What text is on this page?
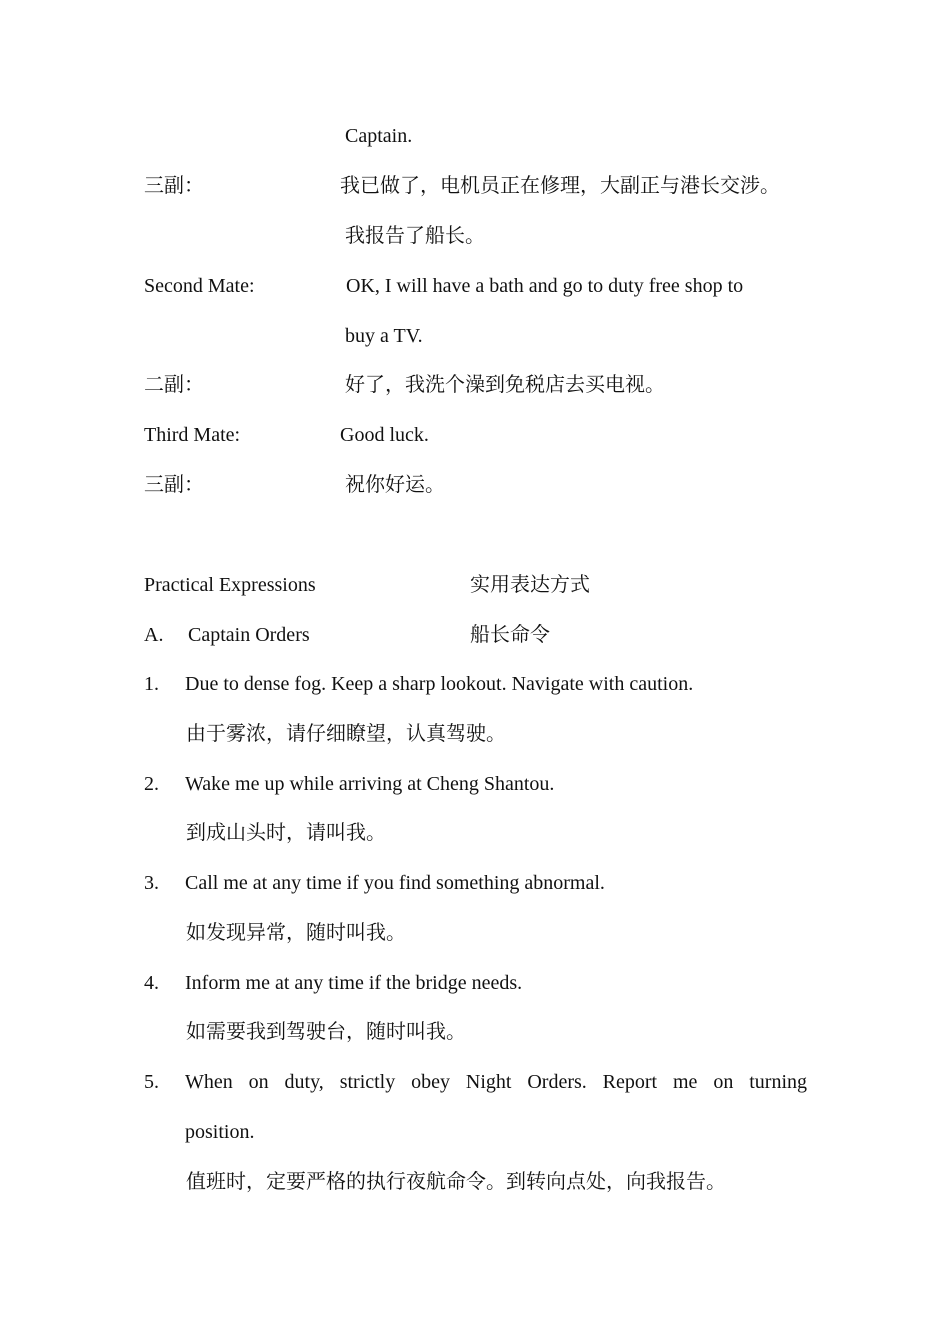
Captain.
三副：	我已做了，电机员正在修理，大副正与港长交涉。
我报告了船长。
Second Mate:	OK, I will have a bath and go to duty free shop to
buy a TV.
二副：	好了，我洗个澡到免税店去买电视。
Third Mate:	Good luck.
三副：	祝你好运。
Practical Expressions	实用表达方式
A. Captain Orders	船长命令
1. Due to dense fog. Keep a sharp lookout. Navigate with caution.
由于雾浓，请仔细瞭望，认真驾驶。
2. Wake me up while arriving at Cheng Shantou.
到成山头时，请叫我。
3. Call me at any time if you find something abnormal.
如发现异常，随时叫我。
4. Inform me at any time if the bridge needs.
如需要我到驾驶台，随时叫我。
5. When on duty, strictly obey Night Orders. Report me on turning
position.
值班时，定要严格的执行夜航命令。到转向点处，向我报告。
